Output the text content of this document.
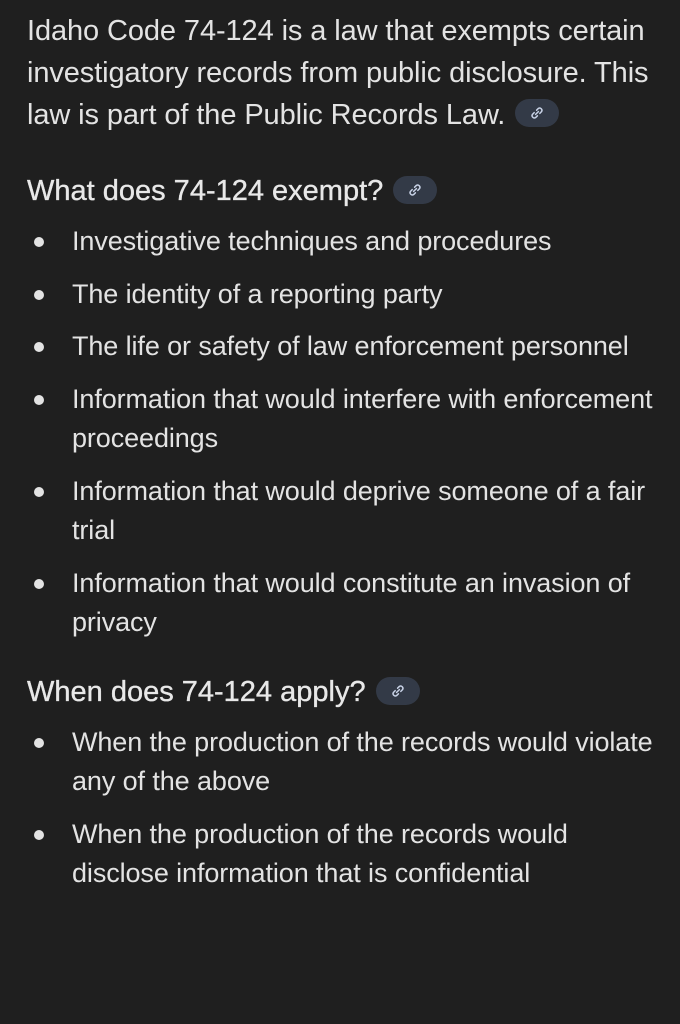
Idaho Code 74-124 is a law that exempts certain investigatory records from public disclosure. This law is part of the Public Records Law.

What does 74-124 exempt?
Investigative techniques and procedures
The identity of a reporting party
The life or safety of law enforcement personnel
Information that would interfere with enforcement proceedings
Information that would deprive someone of a fair trial
Information that would constitute an invasion of privacy
When does 74-124 apply?
When the production of the records would violate any of the above
When the production of the records would disclose information that is confidential
